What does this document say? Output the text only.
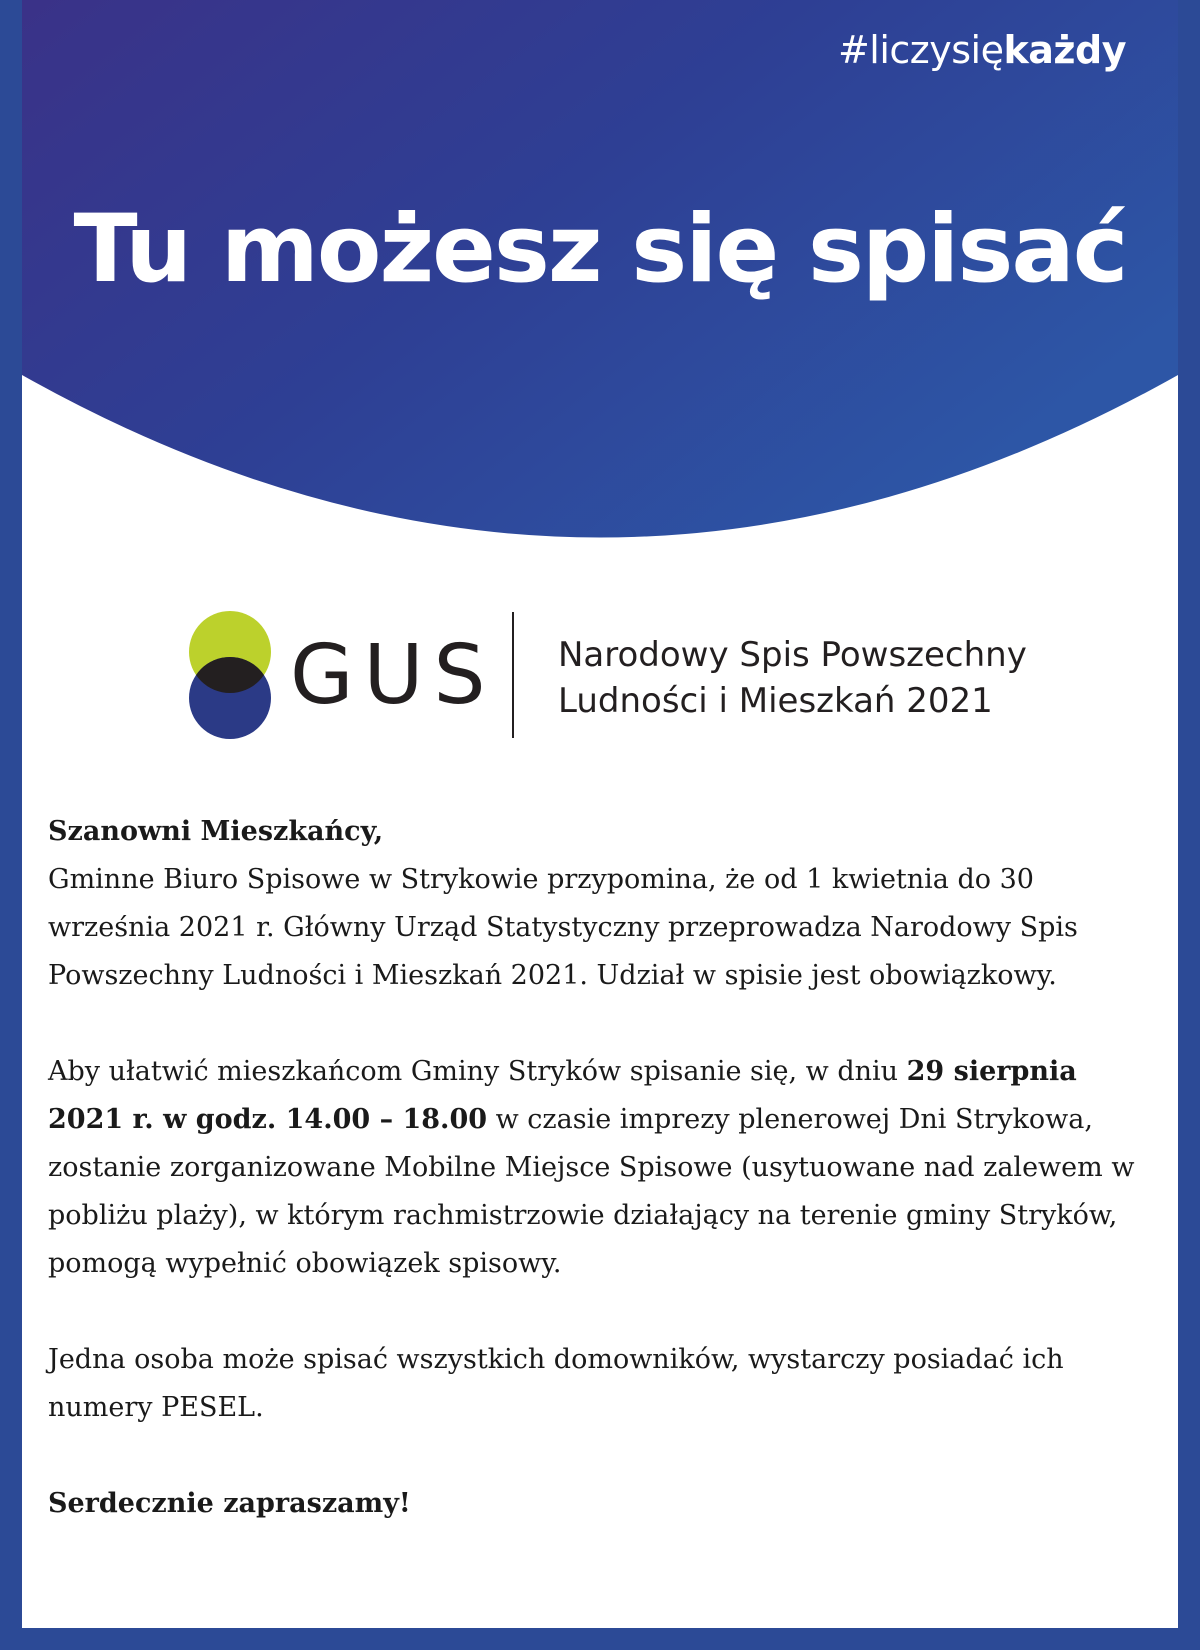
#liczysiękażdy
Tu możesz się spisać
GUS Narodowy Spis Powszechny
Ludności i Mieszkań 2021

Szanowni Mieszkańcy,

Gminne Biuro Spisowe w Strykowie przypomina, że od 1 kwietnia do 30 września 2021 r. Główny Urząd Statystyczny przeprowadza Narodowy Spis Powszechny Ludności i Mieszkań 2021. Udział w spisie jest obowiązkowy.

Aby ułatwić mieszkańcom Gminy Stryków spisanie się, w dniu 29 sierpnia 2021 r. w godz. 14.00 – 18.00 w czasie imprezy plenerowej Dni Strykowa, zostanie zorganizowane Mobilne Miejsce Spisowe (usytuowane nad zalewem w pobliżu plaży), w którym rachmistrzowie działający na terenie gminy Stryków, pomogą wypełnić obowiązek spisowy.

Jedna osoba może spisać wszystkich domowników, wystarczy posiadać ich numery PESEL.

Serdecznie zapraszamy!
